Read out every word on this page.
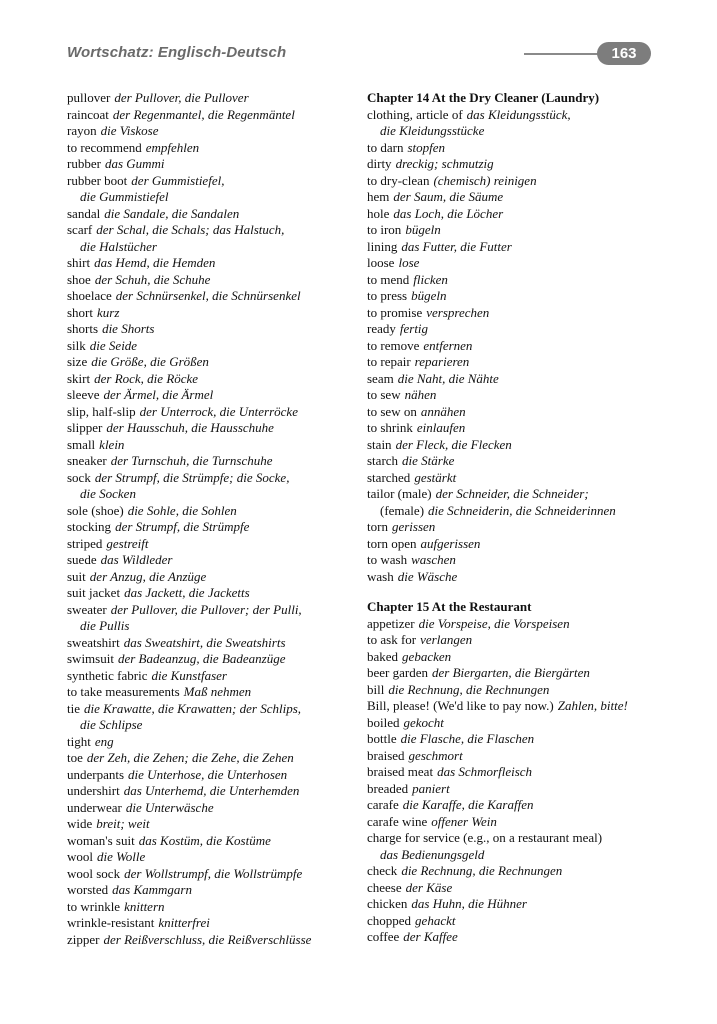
Wortschatz: Englisch-Deutsch	163
pullover der Pullover, die Pullover
raincoat der Regenmantel, die Regenmäntel
rayon die Viskose
to recommend empfehlen
rubber das Gummi
rubber boot der Gummistiefel,
die Gummistiefel
sandal die Sandale, die Sandalen
scarf der Schal, die Schals; das Halstuch,
die Halstücher
shirt das Hemd, die Hemden
shoe der Schuh, die Schuhe
shoelace der Schnürsenkel, die Schnürsenkel
short kurz
shorts die Shorts
silk die Seide
size die Größe, die Größen
skirt der Rock, die Röcke
sleeve der Ärmel, die Ärmel
slip, half-slip der Unterrock, die Unterröcke
slipper der Hausschuh, die Hausschuhe
small klein
sneaker der Turnschuh, die Turnschuhe
sock der Strumpf, die Strümpfe; die Socke,
die Socken
sole (shoe) die Sohle, die Sohlen
stocking der Strumpf, die Strümpfe
striped gestreift
suede das Wildleder
suit der Anzug, die Anzüge
suit jacket das Jackett, die Jacketts
sweater der Pullover, die Pullover; der Pulli,
die Pullis
sweatshirt das Sweatshirt, die Sweatshirts
swimsuit der Badeanzug, die Badeanzüge
synthetic fabric die Kunstfaser
to take measurements Maß nehmen
tie die Krawatte, die Krawatten; der Schlips,
die Schlipse
tight eng
toe der Zeh, die Zehen; die Zehe, die Zehen
underpants die Unterhose, die Unterhosen
undershirt das Unterhemd, die Unterhemden
underwear die Unterwäsche
wide breit; weit
woman's suit das Kostüm, die Kostüme
wool die Wolle
wool sock der Wollstrumpf, die Wollstrümpfe
worsted das Kammgarn
to wrinkle knittern
wrinkle-resistant knitterfrei
zipper der Reißverschluss, die Reißverschlüsse
Chapter 14 At the Dry Cleaner (Laundry)
clothing, article of das Kleidungsstück,
die Kleidungsstücke
to darn stopfen
dirty dreckig; schmutzig
to dry-clean (chemisch) reinigen
hem der Saum, die Säume
hole das Loch, die Löcher
to iron bügeln
lining das Futter, die Futter
loose lose
to mend flicken
to press bügeln
to promise versprechen
ready fertig
to remove entfernen
to repair reparieren
seam die Naht, die Nähte
to sew nähen
to sew on annähen
to shrink einlaufen
stain der Fleck, die Flecken
starch die Stärke
starched gestärkt
tailor (male) der Schneider, die Schneider;
(female) die Schneiderin, die Schneiderinnen
torn gerissen
torn open aufgerissen
to wash waschen
wash die Wäsche
Chapter 15 At the Restaurant
appetizer die Vorspeise, die Vorspeisen
to ask for verlangen
baked gebacken
beer garden der Biergarten, die Biergärten
bill die Rechnung, die Rechnungen
Bill, please! (We'd like to pay now.) Zahlen, bitte!
boiled gekocht
bottle die Flasche, die Flaschen
braised geschmort
braised meat das Schmorfleisch
breaded paniert
carafe die Karaffe, die Karaffen
carafe wine offener Wein
charge for service (e.g., on a restaurant meal)
das Bedienungsgeld
check die Rechnung, die Rechnungen
cheese der Käse
chicken das Huhn, die Hühner
chopped gehackt
coffee der Kaffee
